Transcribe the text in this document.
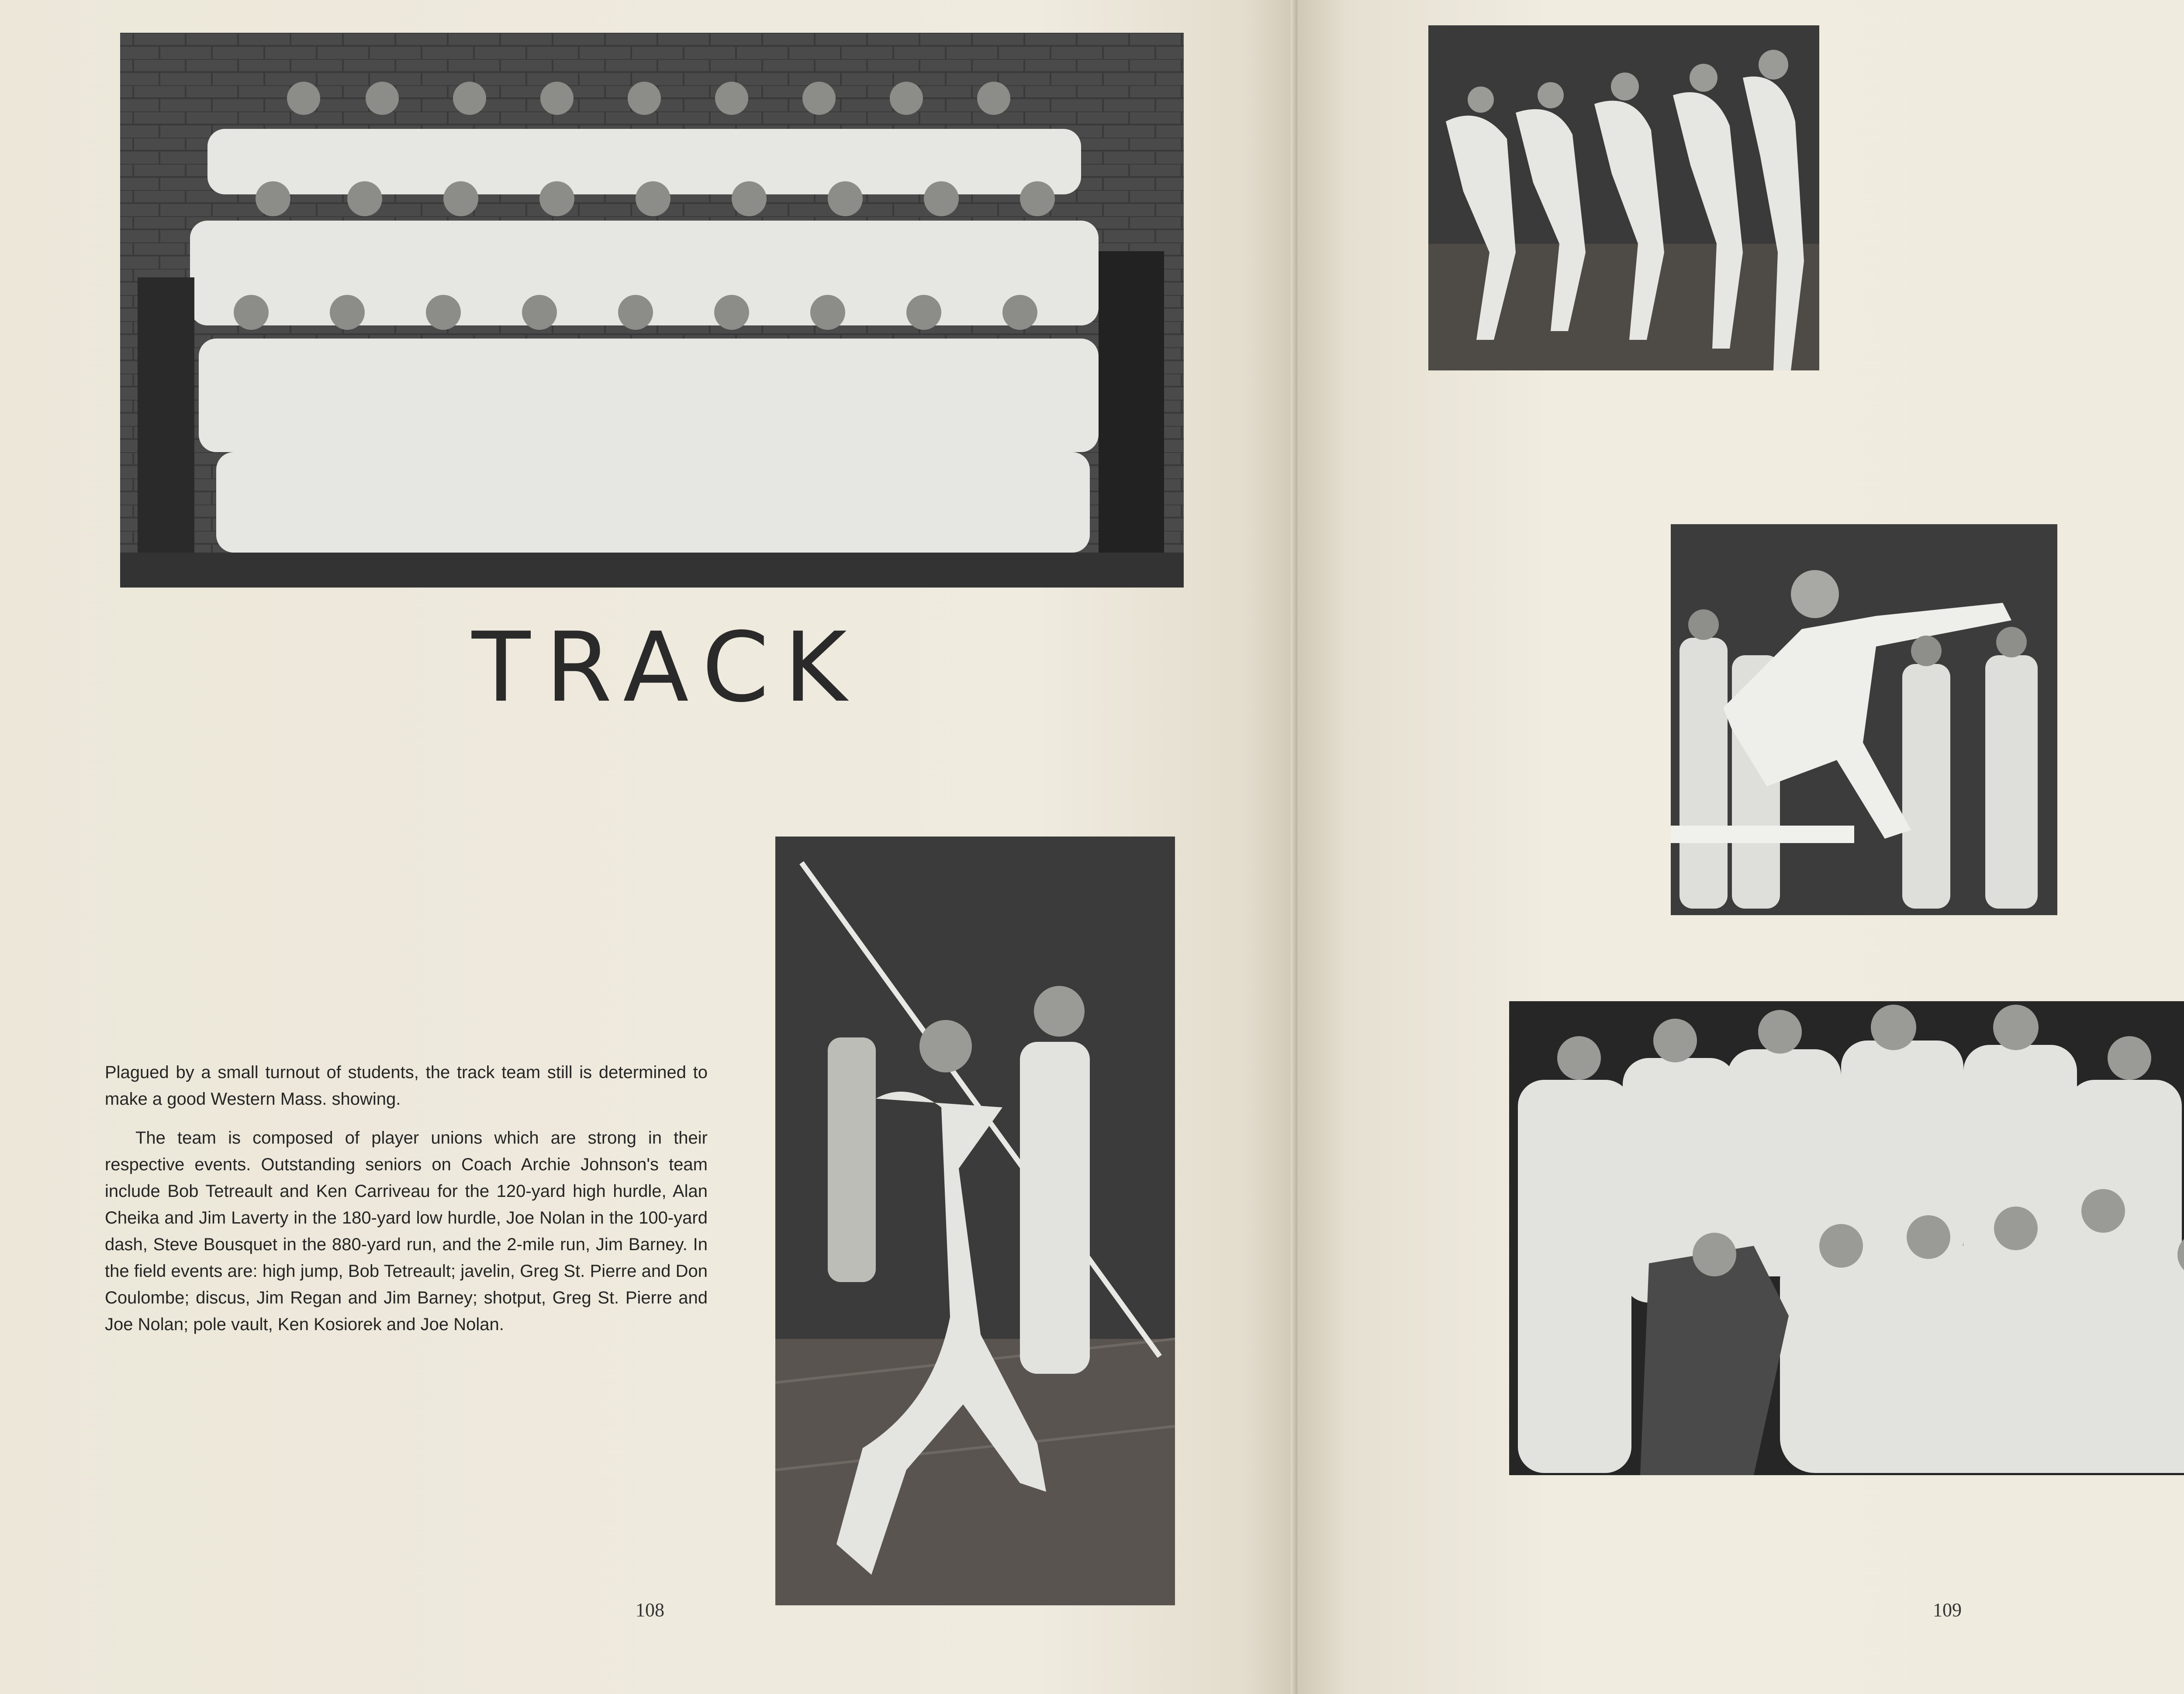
TRACK

Plagued by a small turnout of students, the track team still is determined to make a good Western Mass. showing.

The team is composed of player unions which are strong in their respective events. Outstanding seniors on Coach Archie Johnson's team include Bob Tetreault and Ken Carriveau for the 120-yard high hurdle, Alan Cheika and Jim Laverty in the 180-yard low hurdle, Joe Nolan in the 100-yard dash, Steve Bousquet in the 880-yard run, and the 2-mile run, Jim Barney. In the field events are: high jump, Bob Tetreault; javelin, Greg St. Pierre and Don Coulombe; discus, Jim Regan and Jim Barney; shotput, Greg St. Pierre and Joe Nolan; pole vault, Ken Kosiorek and Joe Nolan.

108	109
